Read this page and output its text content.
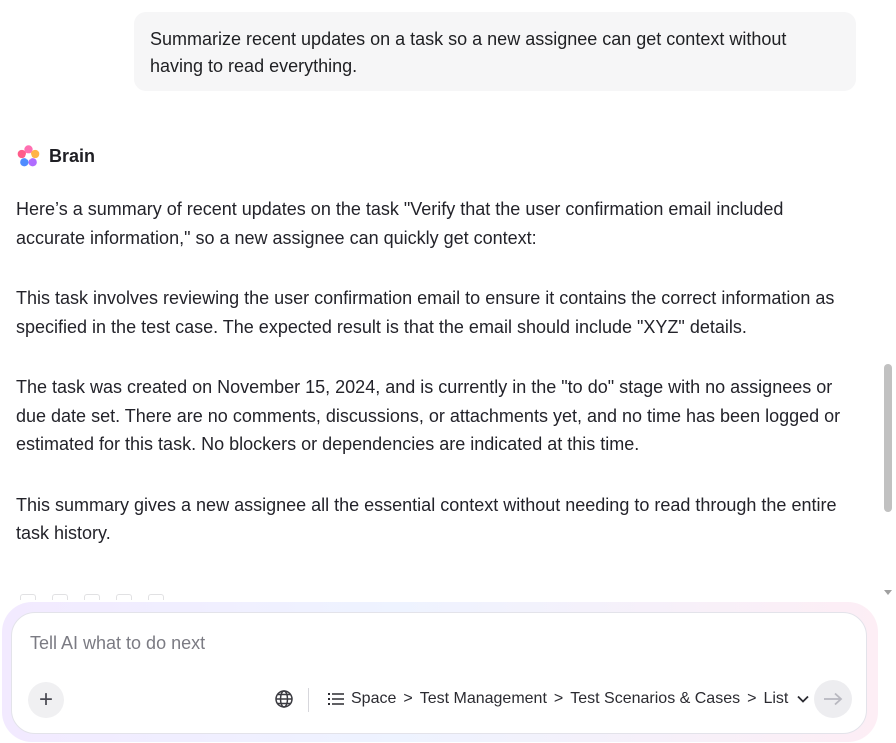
Summarize recent updates on a task so a new assignee can get context without having to read everything.
Brain

Here’s a summary of recent updates on the task "Verify that the user confirmation email included accurate information," so a new assignee can quickly get context:

This task involves reviewing the user confirmation email to ensure it contains the correct information as specified in the test case. The expected result is that the email should include "XYZ" details.

The task was created on November 15, 2024, and is currently in the "to do" stage with no assignees or due date set. There are no comments, discussions, or attachments yet, and no time has been logged or estimated for this task. No blockers or dependencies are indicated at this time.

This summary gives a new assignee all the essential context without needing to read through the entire task history.

Tell AI what to do next
+	Space > Test Management > Test Scenarios & Cases > List
